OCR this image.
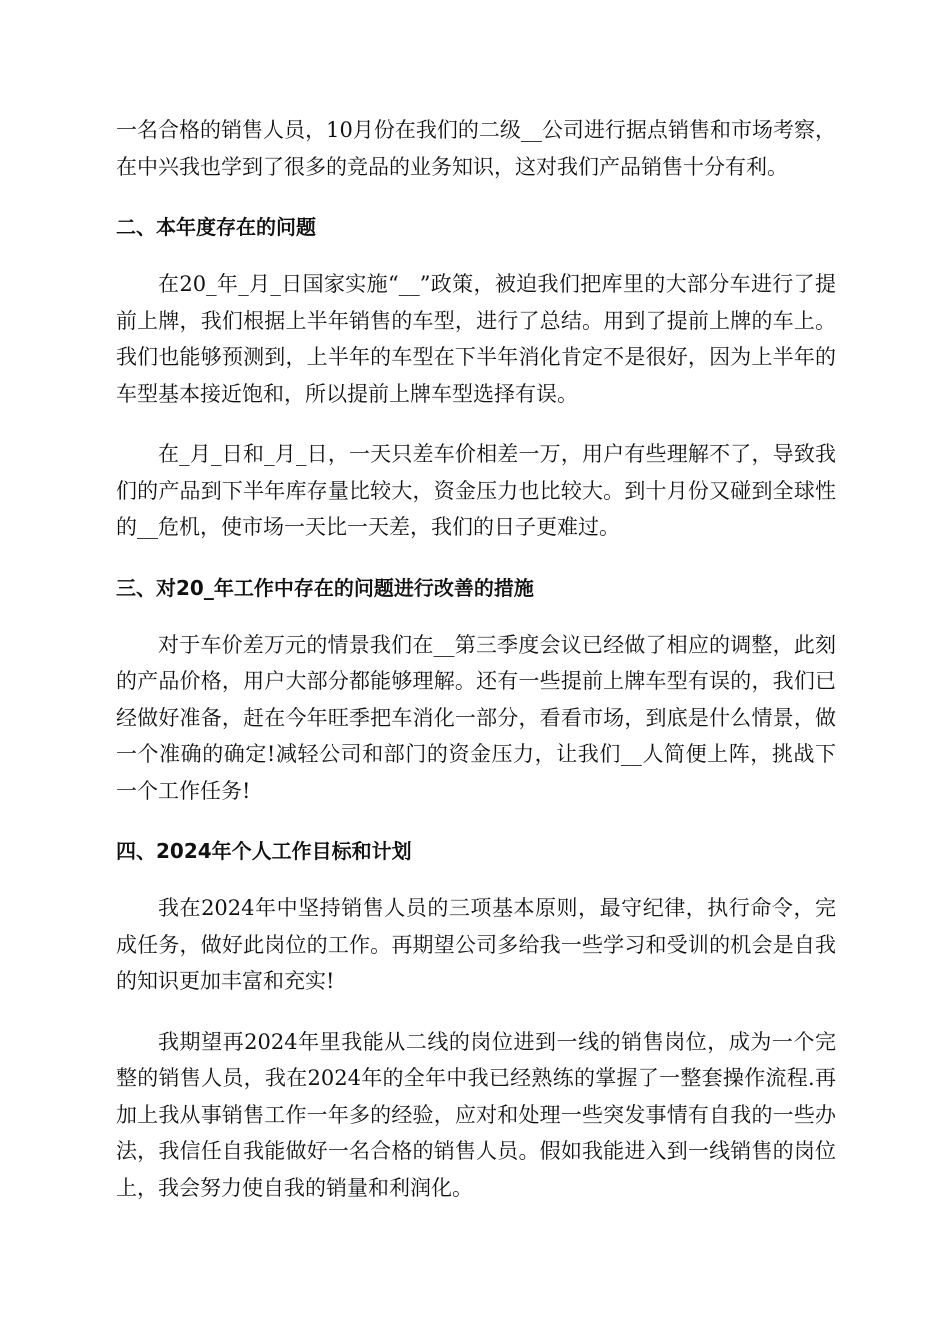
一名合格的销售人员，10月份在我们的二级__公司进行据点销售和市场考察，在中兴我也学到了很多的竞品的业务知识，这对我们产品销售十分有利。

二、本年度存在的问题

在20_年_月_日国家实施“__”政策，被迫我们把库里的大部分车进行了提前上牌，我们根据上半年销售的车型，进行了总结。用到了提前上牌的车上。我们也能够预测到，上半年的车型在下半年消化肯定不是很好，因为上半年的车型基本接近饱和，所以提前上牌车型选择有误。

在_月_日和_月_日，一天只差车价相差一万，用户有些理解不了，导致我们的产品到下半年库存量比较大，资金压力也比较大。到十月份又碰到全球性的__危机，使市场一天比一天差，我们的日子更难过。

三、对20_年工作中存在的问题进行改善的措施

对于车价差万元的情景我们在__第三季度会议已经做了相应的调整，此刻的产品价格，用户大部分都能够理解。还有一些提前上牌车型有误的，我们已经做好准备，赶在今年旺季把车消化一部分，看看市场，到底是什么情景，做一个准确的确定!减轻公司和部门的资金压力，让我们__人简便上阵，挑战下一个工作任务!

四、2024年个人工作目标和计划

我在2024年中坚持销售人员的三项基本原则，最守纪律，执行命令，完成任务，做好此岗位的工作。再期望公司多给我一些学习和受训的机会是自我的知识更加丰富和充实!

我期望再2024年里我能从二线的岗位进到一线的销售岗位，成为一个完整的销售人员，我在2024年的全年中我已经熟练的掌握了一整套操作流程.再加上我从事销售工作一年多的经验，应对和处理一些突发事情有自我的一些办法，我信任自我能做好一名合格的销售人员。假如我能进入到一线销售的岗位上，我会努力使自我的销量和利润化。
